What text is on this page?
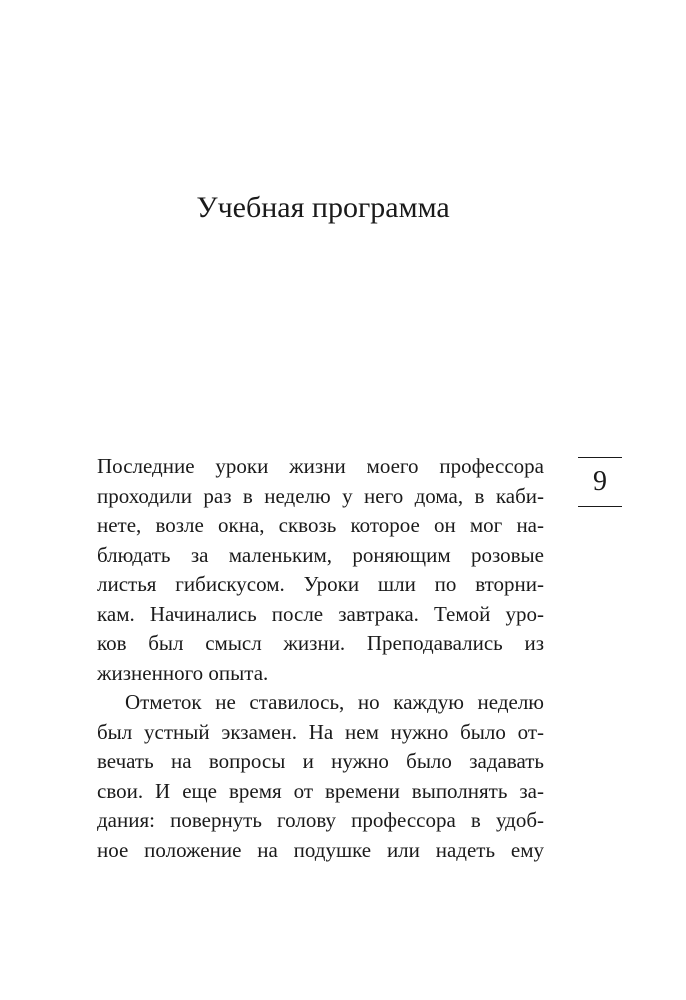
Учебная программа
9
Последние уроки жизни моего профессора
проходили раз в неделю у него дома, в каби-
нете, возле окна, сквозь которое он мог на-
блюдать за маленьким, роняющим розовые
листья гибискусом. Уроки шли по вторни-
кам. Начинались после завтрака. Темой уро-
ков был смысл жизни. Преподавались из
жизненного опыта.
Отметок не ставилось, но каждую неделю
был устный экзамен. На нем нужно было от-
вечать на вопросы и нужно было задавать
свои. И еще время от времени выполнять за-
дания: повернуть голову профессора в удоб-
ное положение на подушке или надеть ему
